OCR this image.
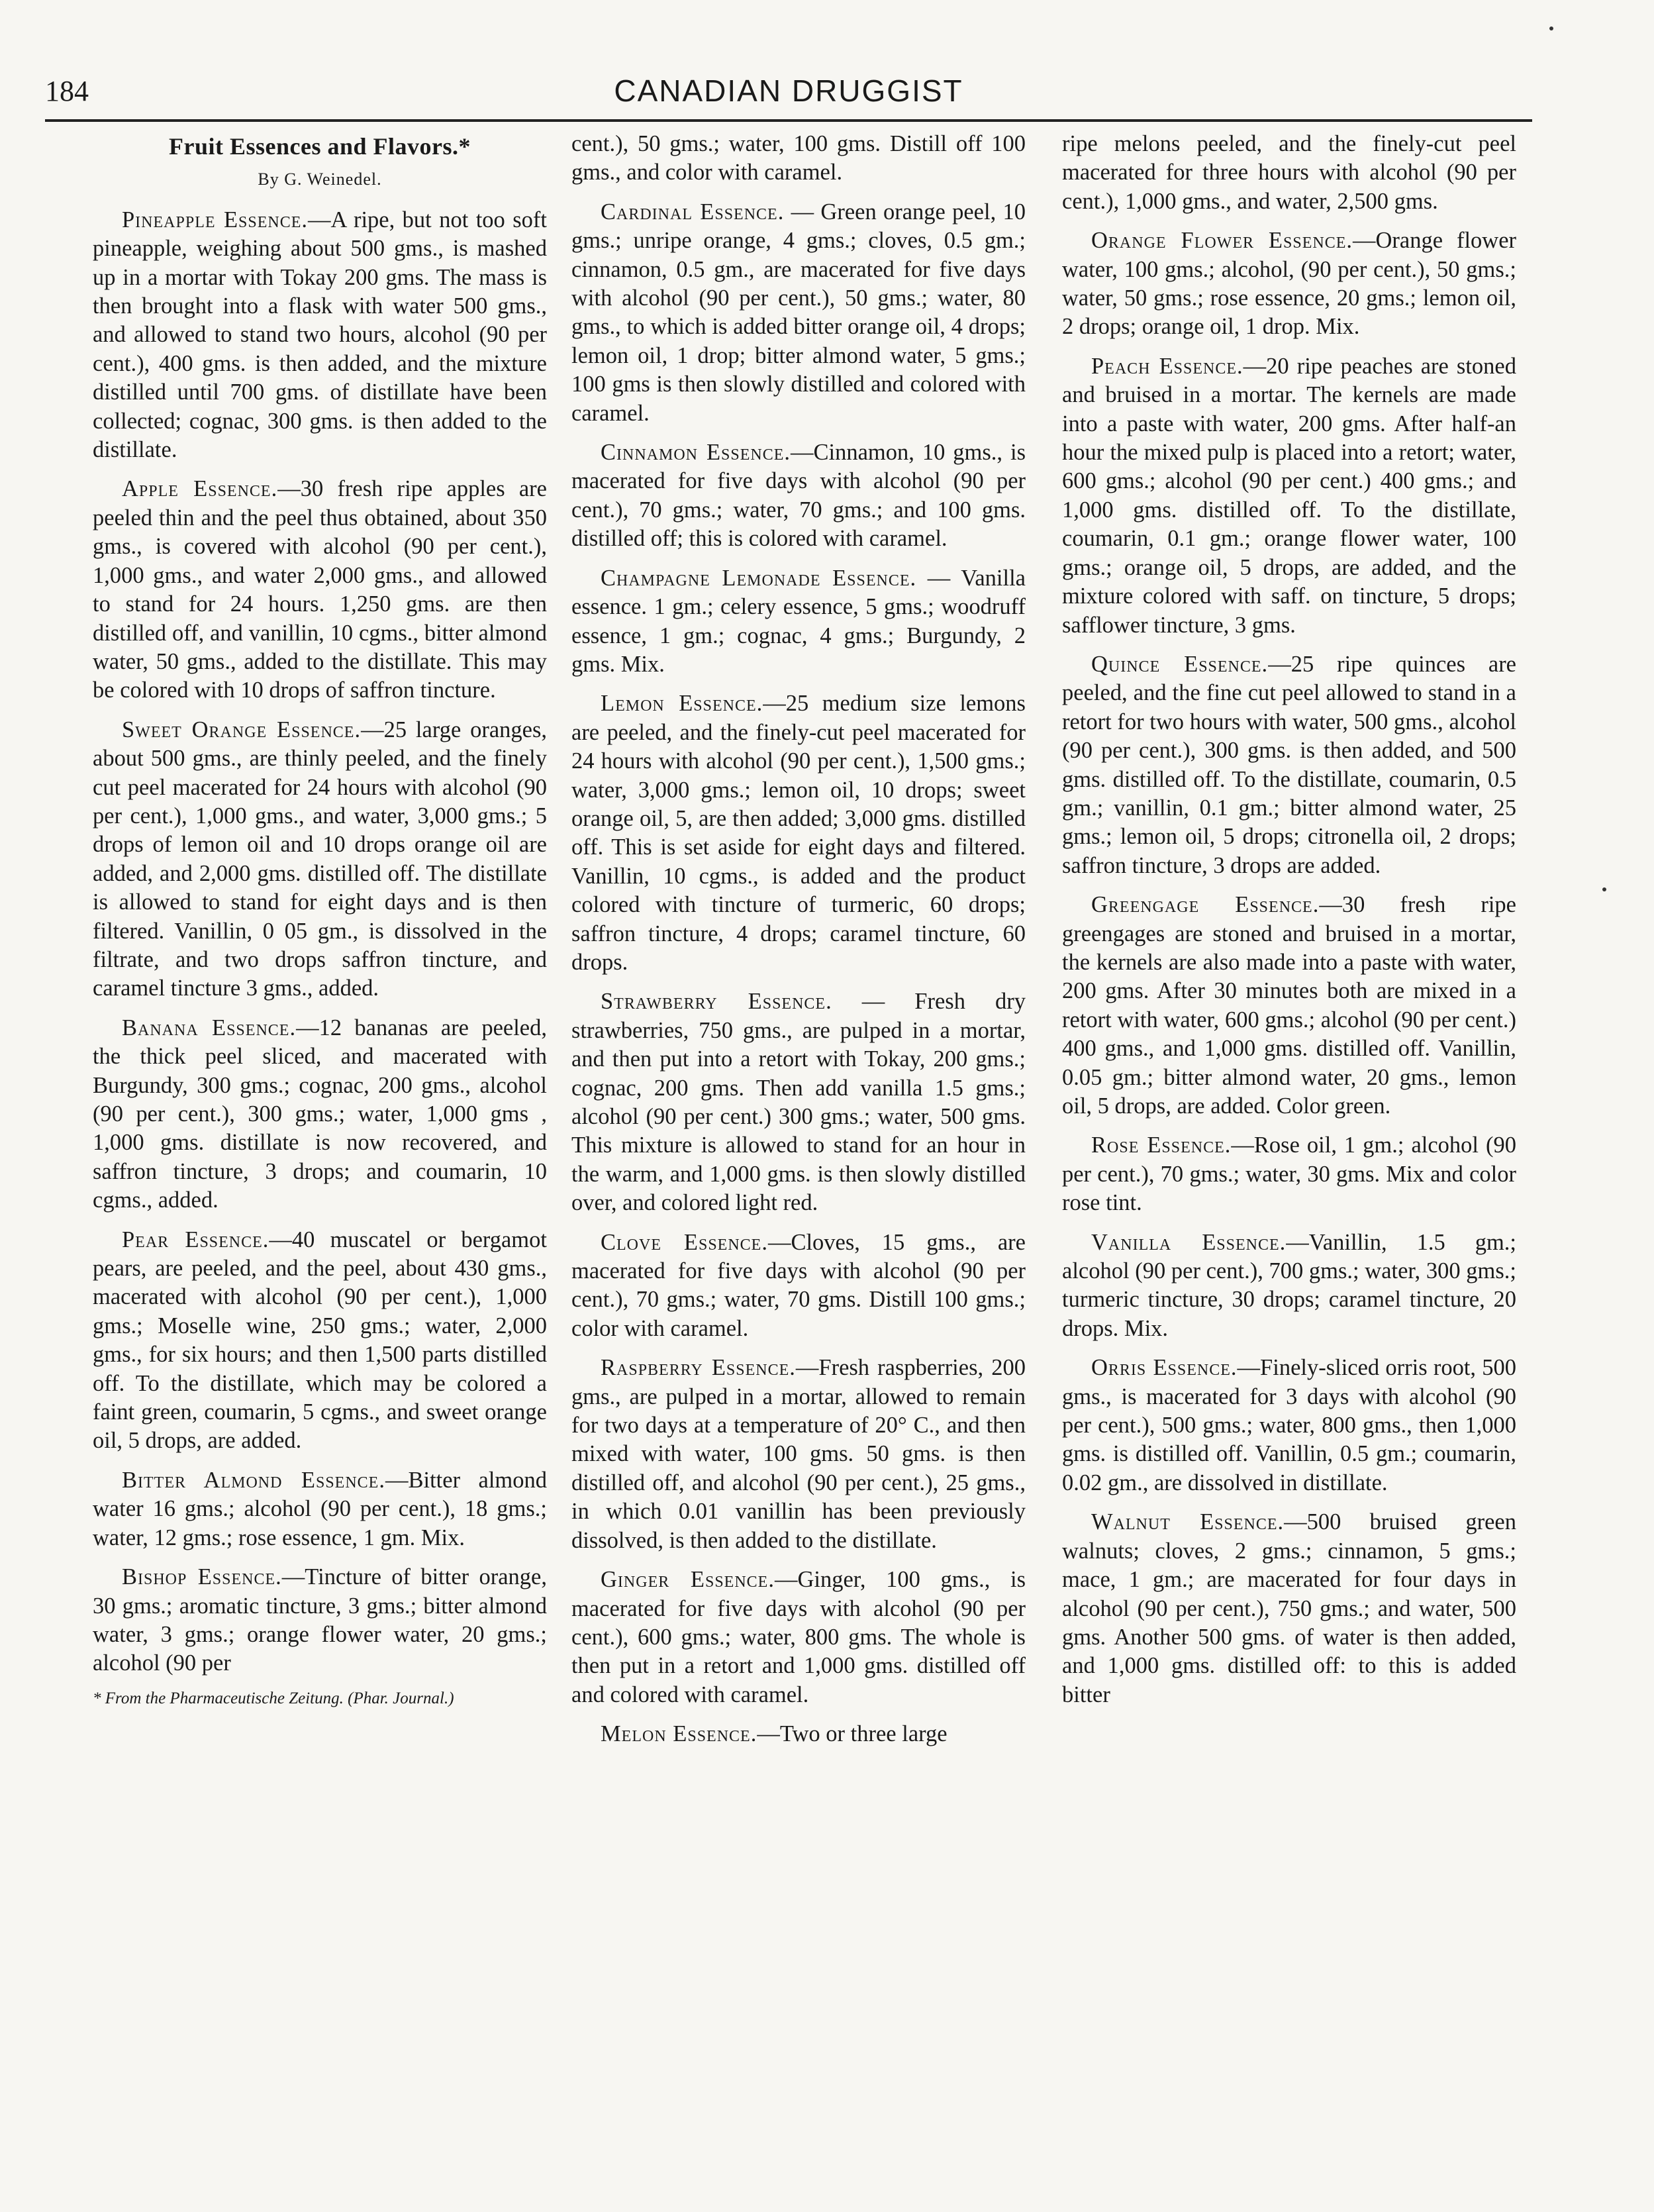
184	CANADIAN DRUGGIST
Fruit Essences and Flavors.*
By G. Weinedel.

Pineapple Essence.—A ripe, but not too soft pineapple, weighing about 500 gms., is mashed up in a mortar with Tokay 200 gms. The mass is then brought into a flask with water 500 gms., and allowed to stand two hours, alcohol (90 per cent.), 400 gms. is then added, and the mixture distilled until 700 gms. of distillate have been collected; cognac, 300 gms. is then added to the distillate.

Apple Essence.—30 fresh ripe apples are peeled thin and the peel thus obtained, about 350 gms., is covered with alcohol (90 per cent.), 1,000 gms., and water 2,000 gms., and allowed to stand for 24 hours. 1,250 gms. are then distilled off, and vanillin, 10 cgms., bitter almond water, 50 gms., added to the distillate. This may be colored with 10 drops of saffron tincture.

Sweet Orange Essence.—25 large oranges, about 500 gms., are thinly peeled, and the finely cut peel macerated for 24 hours with alcohol (90 per cent.), 1,000 gms., and water, 3,000 gms.; 5 drops of lemon oil and 10 drops orange oil are added, and 2,000 gms. distilled off. The distillate is allowed to stand for eight days and is then filtered. Vanillin, 0 05 gm., is dissolved in the filtrate, and two drops saffron tincture, and caramel tincture 3 gms., added.

Banana Essence.—12 bananas are peeled, the thick peel sliced, and macerated with Burgundy, 300 gms.; cognac, 200 gms., alcohol (90 per cent.), 300 gms.; water, 1,000 gms , 1,000 gms. distillate is now recovered, and saffron tincture, 3 drops; and coumarin, 10 cgms., added.

Pear Essence.—40 muscatel or bergamot pears, are peeled, and the peel, about 430 gms., macerated with alcohol (90 per cent.), 1,000 gms.; Moselle wine, 250 gms.; water, 2,000 gms., for six hours; and then 1,500 parts distilled off. To the distillate, which may be colored a faint green, coumarin, 5 cgms., and sweet orange oil, 5 drops, are added.

Bitter Almond Essence.—Bitter almond water 16 gms.; alcohol (90 per cent.), 18 gms.; water, 12 gms.; rose essence, 1 gm. Mix.

Bishop Essence.—Tincture of bitter orange, 30 gms.; aromatic tincture, 3 gms.; bitter almond water, 3 gms.; orange flower water, 20 gms.; alcohol (90 per

* From the Pharmaceutische Zeitung. (Phar. Journal.)

cent.), 50 gms.; water, 100 gms. Distill off 100 gms., and color with caramel.

Cardinal Essence. — Green orange peel, 10 gms.; unripe orange, 4 gms.; cloves, 0.5 gm.; cinnamon, 0.5 gm., are macerated for five days with alcohol (90 per cent.), 50 gms.; water, 80 gms., to which is added bitter orange oil, 4 drops; lemon oil, 1 drop; bitter almond water, 5 gms.; 100 gms is then slowly distilled and colored with caramel.

Cinnamon Essence.—Cinnamon, 10 gms., is macerated for five days with alcohol (90 per cent.), 70 gms.; water, 70 gms.; and 100 gms. distilled off; this is colored with caramel.

Champagne Lemonade Essence. — Vanilla essence. 1 gm.; celery essence, 5 gms.; woodruff essence, 1 gm.; cognac, 4 gms.; Burgundy, 2 gms. Mix.

Lemon Essence.—25 medium size lemons are peeled, and the finely-cut peel macerated for 24 hours with alcohol (90 per cent.), 1,500 gms.; water, 3,000 gms.; lemon oil, 10 drops; sweet orange oil, 5, are then added; 3,000 gms. distilled off. This is set aside for eight days and filtered. Vanillin, 10 cgms., is added and the product colored with tincture of turmeric, 60 drops; saffron tincture, 4 drops; caramel tincture, 60 drops.

Strawberry Essence. — Fresh dry strawberries, 750 gms., are pulped in a mortar, and then put into a retort with Tokay, 200 gms.; cognac, 200 gms. Then add vanilla 1.5 gms.; alcohol (90 per cent.) 300 gms.; water, 500 gms. This mixture is allowed to stand for an hour in the warm, and 1,000 gms. is then slowly distilled over, and colored light red.

Clove Essence.—Cloves, 15 gms., are macerated for five days with alcohol (90 per cent.), 70 gms.; water, 70 gms. Distill 100 gms.; color with caramel.

Raspberry Essence.—Fresh raspberries, 200 gms., are pulped in a mortar, allowed to remain for two days at a temperature of 20° C., and then mixed with water, 100 gms. 50 gms. is then distilled off, and alcohol (90 per cent.), 25 gms., in which 0.01 vanillin has been previously dissolved, is then added to the distillate.

Ginger Essence.—Ginger, 100 gms., is macerated for five days with alcohol (90 per cent.), 600 gms.; water, 800 gms. The whole is then put in a retort and 1,000 gms. distilled off and colored with caramel.

Melon Essence.—Two or three large

ripe melons peeled, and the finely-cut peel macerated for three hours with alcohol (90 per cent.), 1,000 gms., and water, 2,500 gms.

Orange Flower Essence.—Orange flower water, 100 gms.; alcohol, (90 per cent.), 50 gms.; water, 50 gms.; rose essence, 20 gms.; lemon oil, 2 drops; orange oil, 1 drop. Mix.

Peach Essence.—20 ripe peaches are stoned and bruised in a mortar. The kernels are made into a paste with water, 200 gms. After half-an hour the mixed pulp is placed into a retort; water, 600 gms.; alcohol (90 per cent.) 400 gms.; and 1,000 gms. distilled off. To the distillate, coumarin, 0.1 gm.; orange flower water, 100 gms.; orange oil, 5 drops, are added, and the mixture colored with saff. on tincture, 5 drops; safflower tincture, 3 gms.

Quince Essence.—25 ripe quinces are peeled, and the fine cut peel allowed to stand in a retort for two hours with water, 500 gms., alcohol (90 per cent.), 300 gms. is then added, and 500 gms. distilled off. To the distillate, coumarin, 0.5 gm.; vanillin, 0.1 gm.; bitter almond water, 25 gms.; lemon oil, 5 drops; citronella oil, 2 drops; saffron tincture, 3 drops are added.

Greengage Essence.—30 fresh ripe greengages are stoned and bruised in a mortar, the kernels are also made into a paste with water, 200 gms. After 30 minutes both are mixed in a retort with water, 600 gms.; alcohol (90 per cent.) 400 gms., and 1,000 gms. distilled off. Vanillin, 0.05 gm.; bitter almond water, 20 gms., lemon oil, 5 drops, are added. Color green.

Rose Essence.—Rose oil, 1 gm.; alcohol (90 per cent.), 70 gms.; water, 30 gms. Mix and color rose tint.

Vanilla Essence.—Vanillin, 1.5 gm.; alcohol (90 per cent.), 700 gms.; water, 300 gms.; turmeric tincture, 30 drops; caramel tincture, 20 drops. Mix.

Orris Essence.—Finely-sliced orris root, 500 gms., is macerated for 3 days with alcohol (90 per cent.), 500 gms.; water, 800 gms., then 1,000 gms. is distilled off. Vanillin, 0.5 gm.; coumarin, 0.02 gm., are dissolved in distillate.

Walnut Essence.—500 bruised green walnuts; cloves, 2 gms.; cinnamon, 5 gms.; mace, 1 gm.; are macerated for four days in alcohol (90 per cent.), 750 gms.; and water, 500 gms. Another 500 gms. of water is then added, and 1,000 gms. distilled off: to this is added bitter
